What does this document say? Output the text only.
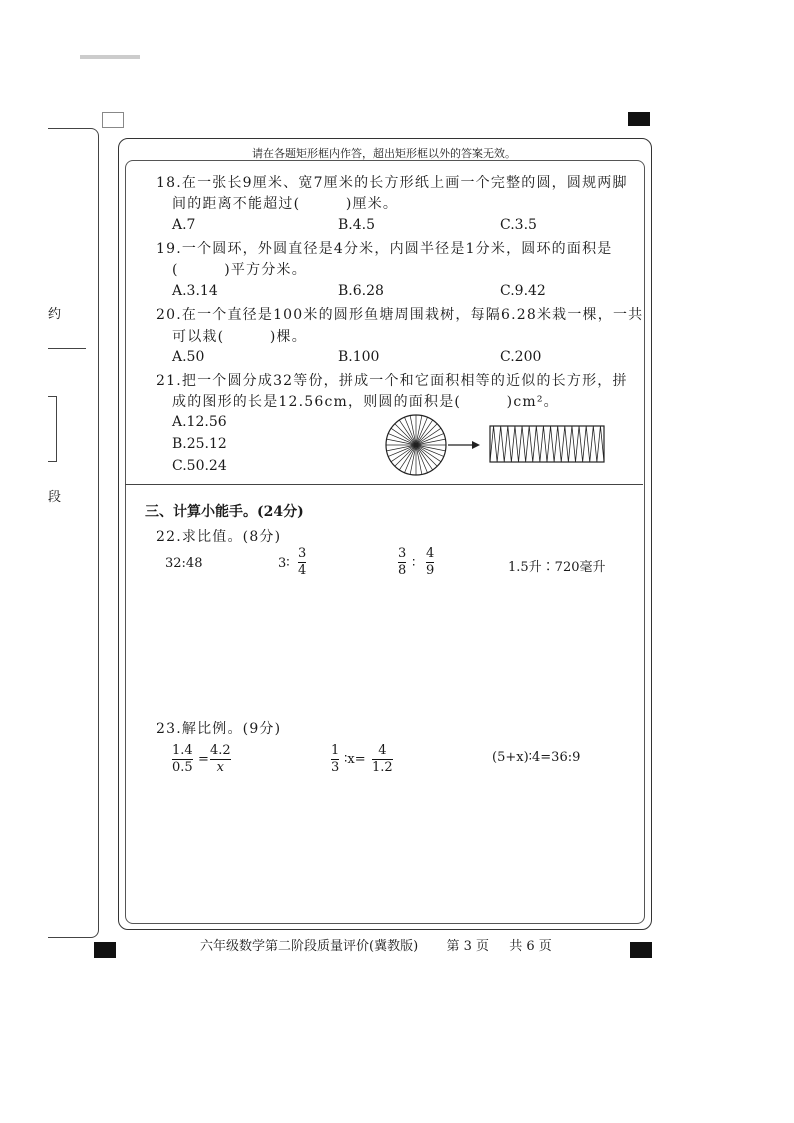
约
段
请在各题矩形框内作答，超出矩形框以外的答案无效。
18.在一张长9厘米、宽7厘米的长方形纸上画一个完整的圆，圆规两脚
间的距离不能超过(　　　)厘米。
A.7	B.4.5	C.3.5
19.一个圆环，外圆直径是4分米，内圆半径是1分米，圆环的面积是
(　　　)平方分米。
A.3.14	B.6.28	C.9.42
20.在一个直径是100米的圆形鱼塘周围栽树，每隔6.28米栽一棵，一共
可以栽(　　　)棵。
A.50	B.100	C.200
21.把一个圆分成32等份，拼成一个和它面积相等的近似的长方形，拼
成的图形的长是12.56cm，则圆的面积是(　　　)cm²。
A.12.56
B.25.12
C.50.24
三、计算小能手。(24分)
22.求比值。(8分)
32:48	3∶
3
4
3
8 ∶
4
9	1.5升∶720毫升
23.解比例。(9分)
1.4
0.5
=
4.2
x
1
3
∶x=
4
1.2
(5+x)∶4=36:9
六年级数学第二阶段质量评价(冀教版) 第 3 页 共 6 页
